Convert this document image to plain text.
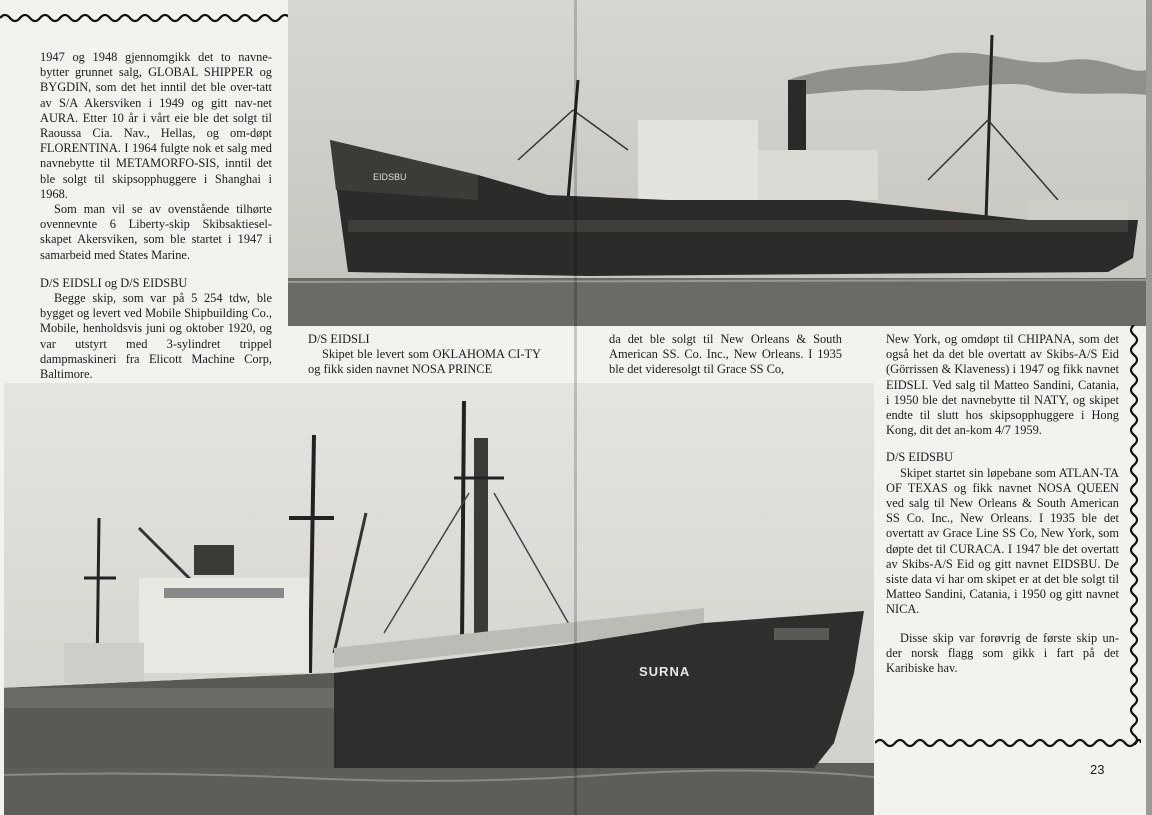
1947 og 1948 gjennomgikk det to navne-bytter grunnet salg, GLOBAL SHIPPER og BYGDIN, som det het inntil det ble over-tatt av S/A Akersviken i 1949 og gitt nav-net AURA. Etter 10 år i vårt eie ble det solgt til Raoussa Cia. Nav., Hellas, og om-døpt FLORENTINA. I 1964 fulgte nok et salg med navnebytte til METAMORFO-SIS, inntil det ble solgt til skipsopphuggere i Shanghai i 1968.

Som man vil se av ovenstående tilhørte ovennevnte 6 Liberty-skip Skibsaktiesel-skapet Akersviken, som ble startet i 1947 i samarbeid med States Marine.

D/S EIDSLI og D/S EIDSBU

Begge skip, som var på 5 254 tdw, ble bygget og levert ved Mobile Shipbuilding Co., Mobile, henholdsvis juni og oktober 1920, og var utstyrt med 3-sylindret trippel dampmaskineri fra Elicott Machine Corp, Baltimore.

EIDSBU
SURNA

D/S EIDSLI

Skipet ble levert som OKLAHOMA CI-TY og fikk siden navnet NOSA PRINCE

da det ble solgt til New Orleans & South American SS. Co. Inc., New Orleans. I 1935 ble det videresolgt til Grace SS Co,

New York, og omdøpt til CHIPANA, som det også het da det ble overtatt av Skibs-A/S Eid (Görrissen & Klaveness) i 1947 og fikk navnet EIDSLI. Ved salg til Matteo Sandini, Catania, i 1950 ble det navnebytte til NATY, og skipet endte til slutt hos skipsopphuggere i Hong Kong, dit det an-kom 4/7 1959.

D/S EIDSBU

Skipet startet sin løpebane som ATLAN-TA OF TEXAS og fikk navnet NOSA QUEEN ved salg til New Orleans & South American SS Co. Inc., New Orleans. I 1935 ble det overtatt av Grace Line SS Co, New York, som døpte det til CURACA. I 1947 ble det overtatt av Skibs-A/S Eid og gitt navnet EIDSBU. De siste data vi har om skipet er at det ble solgt til Matteo Sandini, Catania, i 1950 og gitt navnet NICA.

Disse skip var forøvrig de første skip un-der norsk flagg som gikk i fart på det Karibiske hav.

23
